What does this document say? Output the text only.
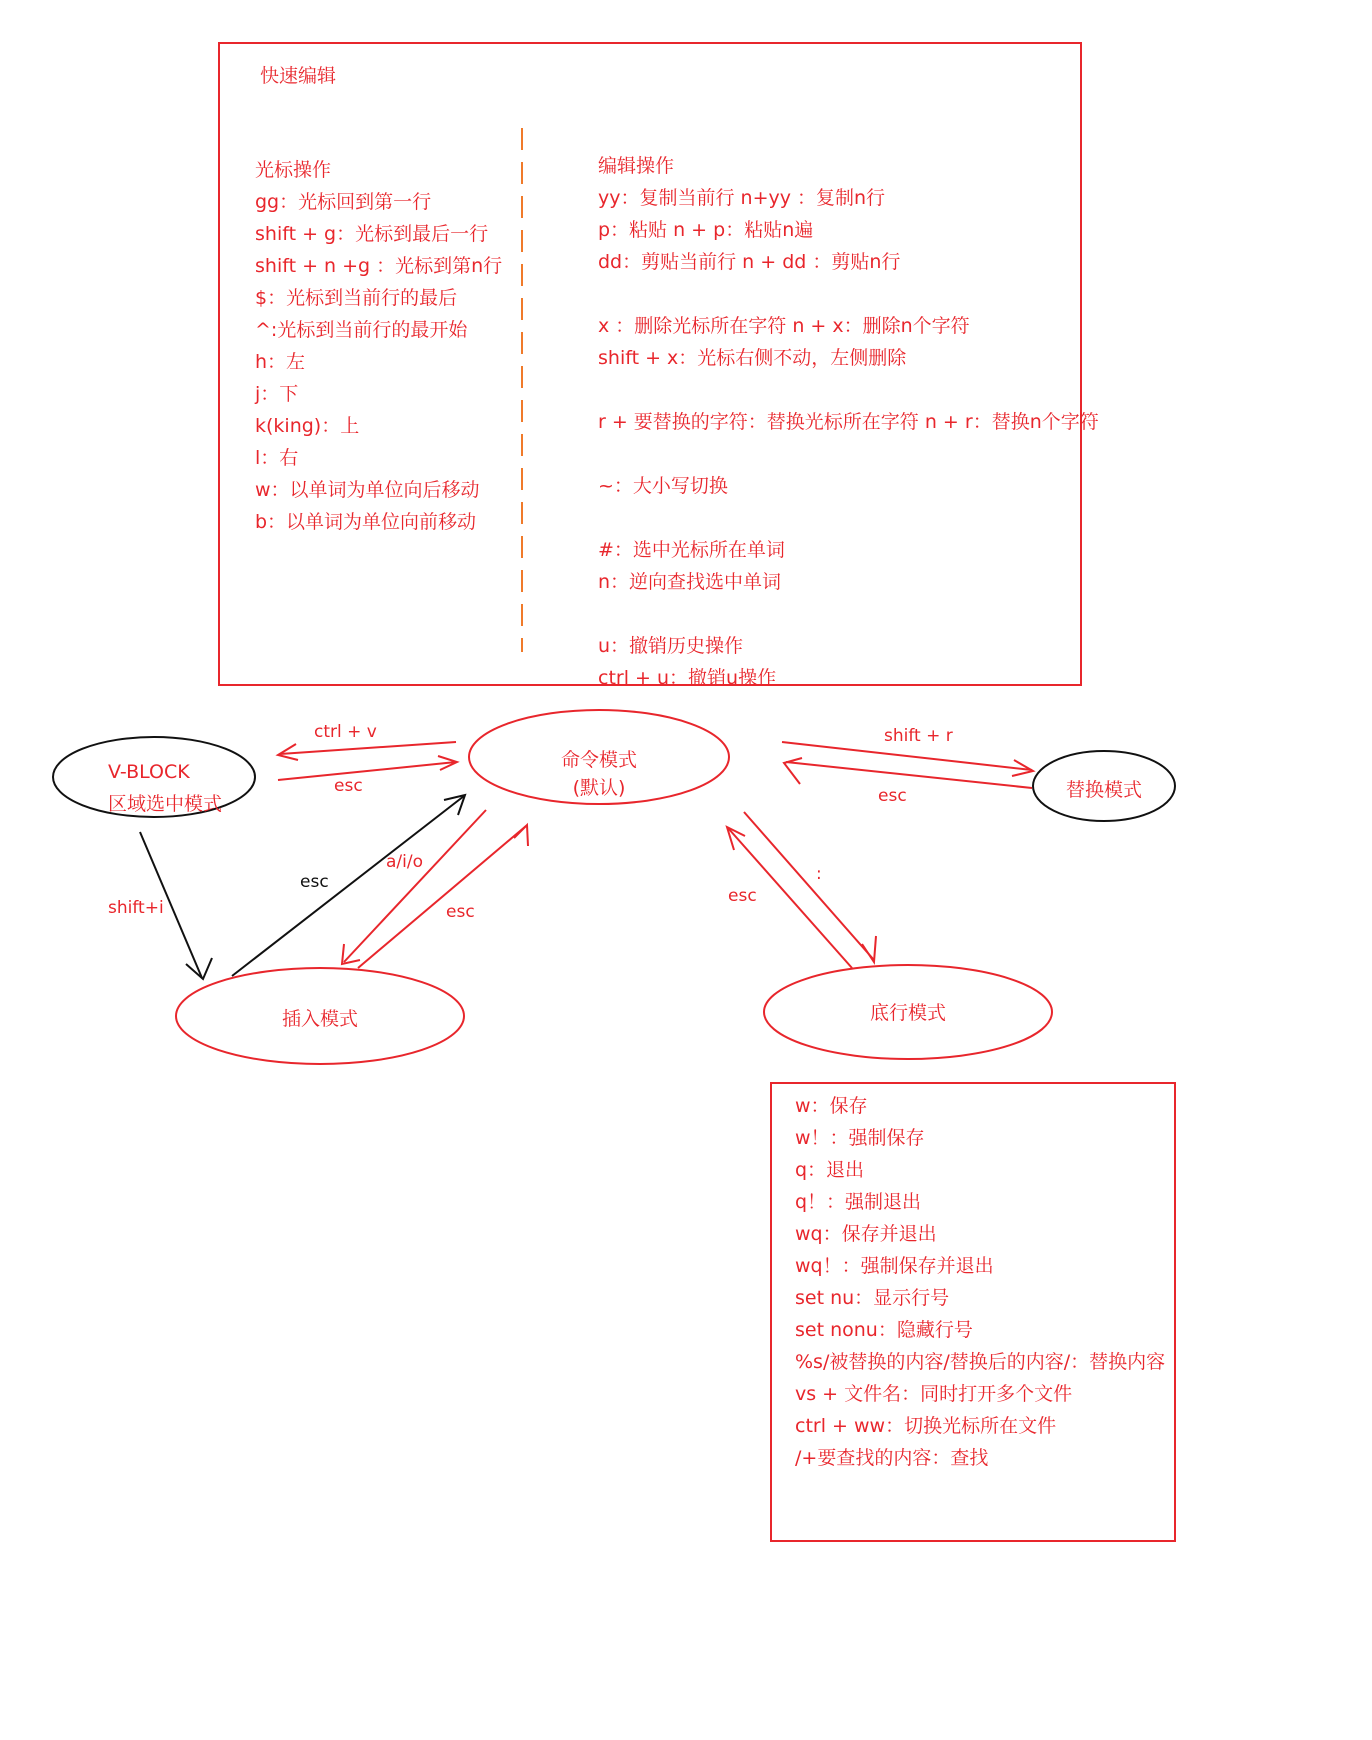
快速编辑
光标操作
gg：光标回到第一行
shift + g：光标到最后一行
shift + n +g ：光标到第n行
$：光标到当前行的最后
^:光标到当前行的最开始
h：左
j：下
k(king)：上
l：右
w：以单词为单位向后移动
b：以单词为单位向前移动
编辑操作
yy：复制当前行 n+yy ：复制n行
p：粘贴 n + p：粘贴n遍
dd：剪贴当前行 n + dd ：剪贴n行
x ：删除光标所在字符 n + x：删除n个字符
shift + x：光标右侧不动，左侧删除
r + 要替换的字符：替换光标所在字符 n + r：替换n个字符
~：大小写切换
#：选中光标所在单词
n：逆向查找选中单词
u：撤销历史操作
ctrl + u：撤销u操作
命令模式
(默认)
V-BLOCK
区域选中模式
替换模式
插入模式	底行模式
ctrl + v
esc
shift + r
esc
shift+i
esc
a/i/o
esc
:
esc
w：保存
w！：强制保存
q：退出
q！：强制退出
wq：保存并退出
wq！：强制保存并退出
set nu：显示行号
set nonu：隐藏行号
%s/被替换的内容/替换后的内容/：替换内容
vs + 文件名：同时打开多个文件
ctrl + ww：切换光标所在文件
/+要查找的内容：查找
